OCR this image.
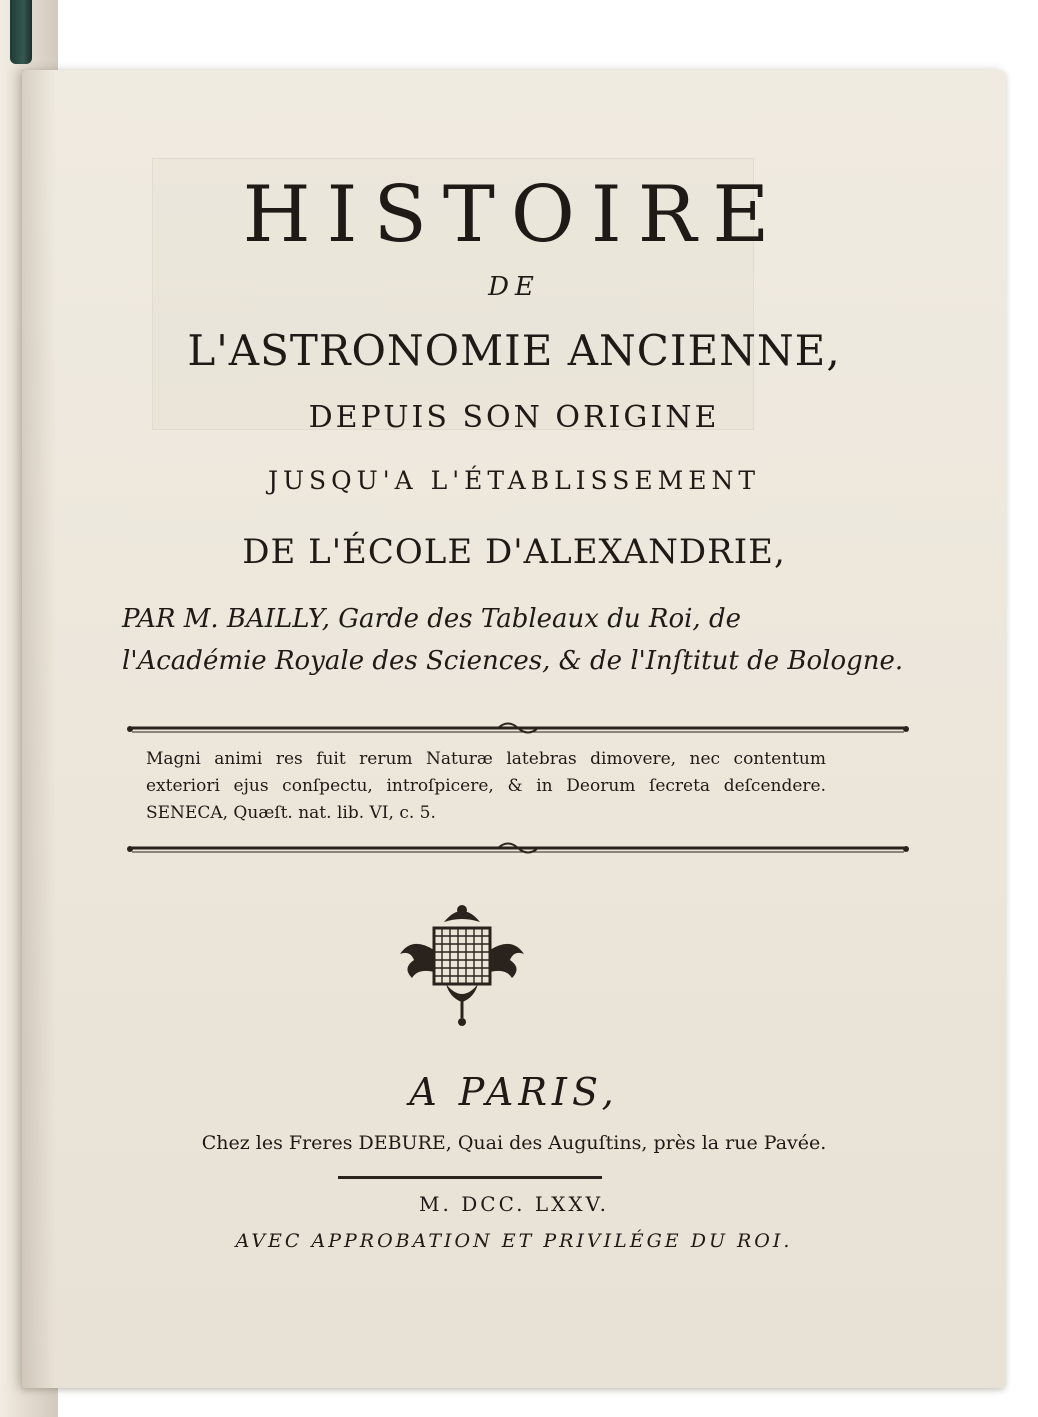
HISTOIRE
DE
L'ASTRONOMIE ANCIENNE,
DEPUIS SON ORIGINE
JUSQU'A L'ÉTABLISSEMENT
DE L'ÉCOLE D'ALEXANDRIE,
PAR M. BAILLY, Garde des Tableaux du Roi, de
l'Académie Royale des Sciences, & de l'Inſtitut de Bologne.
Magni animi res fuit rerum Naturæ latebras dimovere, nec contentum exteriori ejus conſpectu, introſpicere, & in Deorum ſecreta deſcendere. SENECA, Quæſt. nat. lib. VI, c. 5.
A PARIS,
Chez les Freres DEBURE, Quai des Auguſtins, près la rue Pavée.
M. DCC. LXXV.
AVEC APPROBATION ET PRIVILÉGE DU ROI.
